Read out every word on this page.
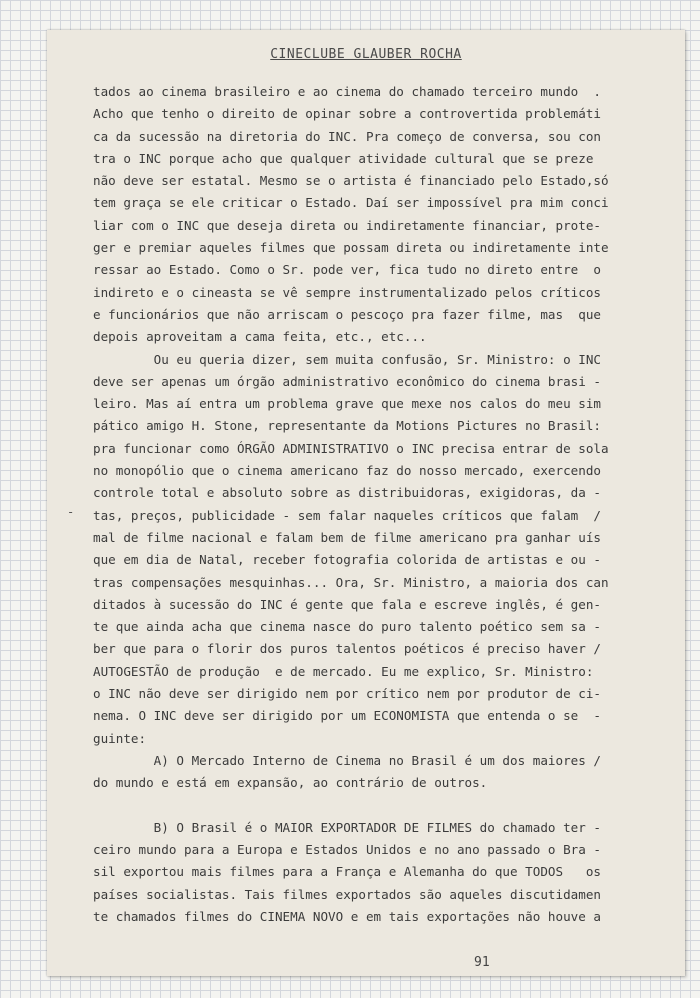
CINECLUBE GLAUBER ROCHA
-
tados ao cinema brasileiro e ao cinema do chamado terceiro mundo  .
Acho que tenho o direito de opinar sobre a controvertida problemáti
ca da sucessão na diretoria do INC. Pra começo de conversa, sou con
tra o INC porque acho que qualquer atividade cultural que se preze
não deve ser estatal. Mesmo se o artista é financiado pelo Estado,só
tem graça se ele criticar o Estado. Daí ser impossível pra mim conci
liar com o INC que deseja direta ou indiretamente financiar, prote-
ger e premiar aqueles filmes que possam direta ou indiretamente inte
ressar ao Estado. Como o Sr. pode ver, fica tudo no direto entre  o
indireto e o cineasta se vê sempre instrumentalizado pelos críticos
e funcionários que não arriscam o pescoço pra fazer filme, mas  que
depois aproveitam a cama feita, etc., etc...
Ou eu queria dizer, sem muita confusão, Sr. Ministro: o INC
deve ser apenas um órgão administrativo econômico do cinema brasi -
leiro. Mas aí entra um problema grave que mexe nos calos do meu sim
pático amigo H. Stone, representante da Motions Pictures no Brasil:
pra funcionar como ÓRGÃO ADMINISTRATIVO o INC precisa entrar de sola
no monopólio que o cinema americano faz do nosso mercado, exercendo
controle total e absoluto sobre as distribuidoras, exigidoras, da -
tas, preços, publicidade - sem falar naqueles críticos que falam  /
mal de filme nacional e falam bem de filme americano pra ganhar uís
que em dia de Natal, receber fotografia colorida de artistas e ou -
tras compensações mesquinhas... Ora, Sr. Ministro, a maioria dos can
ditados à sucessão do INC é gente que fala e escreve inglês, é gen-
te que ainda acha que cinema nasce do puro talento poético sem sa -
ber que para o florir dos puros talentos poéticos é preciso haver /
AUTOGESTÃO de produção  e de mercado. Eu me explico, Sr. Ministro:
o INC não deve ser dirigido nem por crítico nem por produtor de ci-
nema. O INC deve ser dirigido por um ECONOMISTA que entenda o se  -
guinte:
A) O Mercado Interno de Cinema no Brasil é um dos maiores /
do mundo e está em expansão, ao contrário de outros.
B) O Brasil é o MAIOR EXPORTADOR DE FILMES do chamado ter -
ceiro mundo para a Europa e Estados Unidos e no ano passado o Bra -
sil exportou mais filmes para a França e Alemanha do que TODOS   os
países socialistas. Tais filmes exportados são aqueles discutidamen
te chamados filmes do CINEMA NOVO e em tais exportações não houve a
91
